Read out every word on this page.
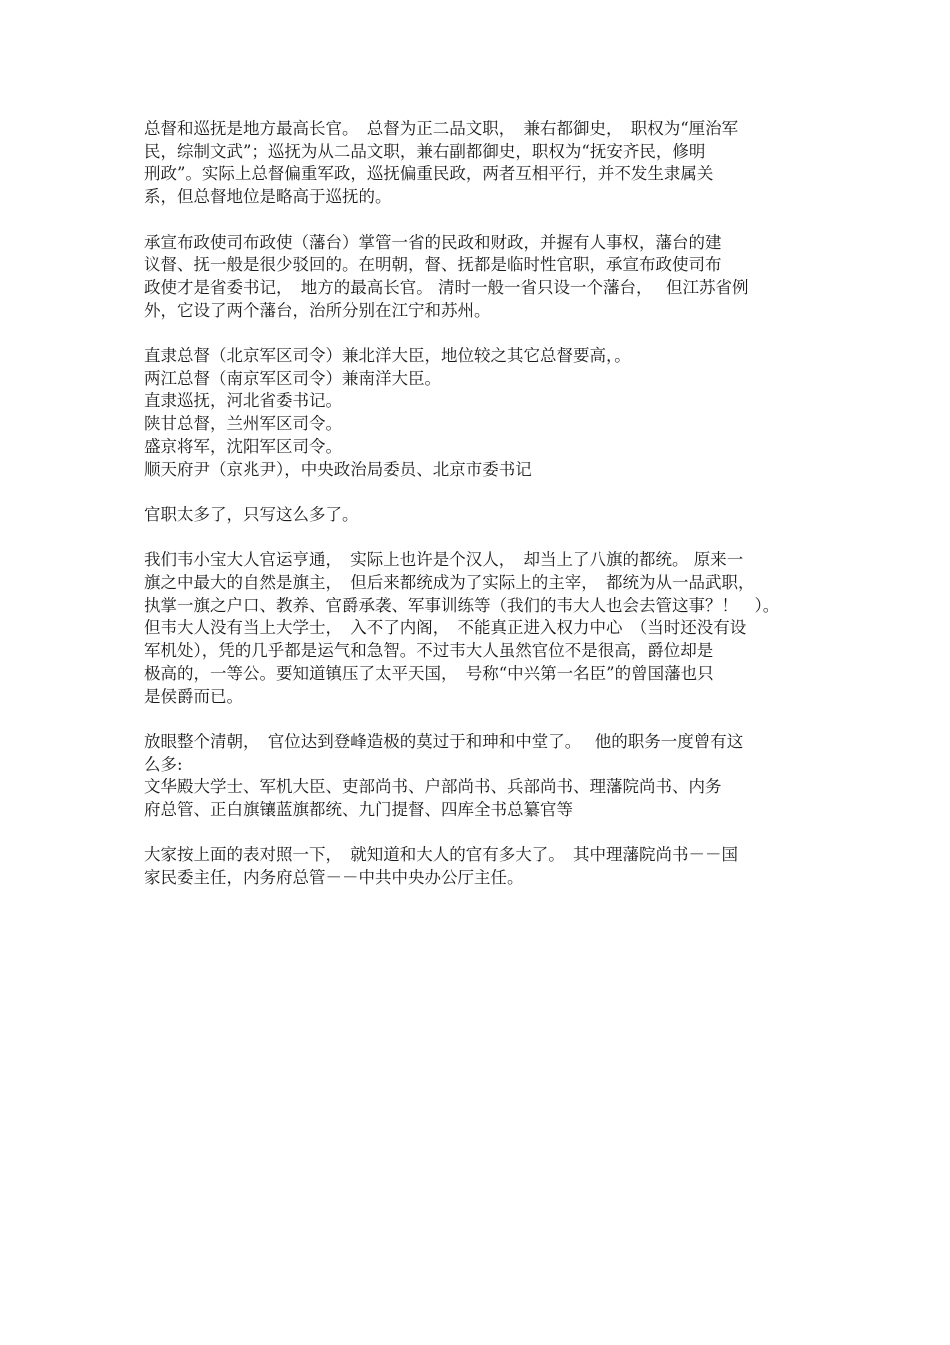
总督和巡抚是地方最高长官。　总督为正二品文职，　兼右都御史，　职权为“厘治军
民，综制文武”；巡抚为从二品文职，兼右副都御史，职权为“抚安齐民，修明
刑政”。实际上总督偏重军政，巡抚偏重民政，两者互相平行，并不发生隶属关
系，但总督地位是略高于巡抚的。

承宣布政使司布政使（藩台）掌管一省的民政和财政，并握有人事权，藩台的建
议督、抚一般是很少驳回的。在明朝，督、抚都是临时性官职，承宣布政使司布
政使才是省委书记，　地方的最高长官。 清时一般一省只设一个藩台，　 但江苏省例
外，它设了两个藩台，治所分别在江宁和苏州。

直隶总督（北京军区司令）兼北洋大臣，地位较之其它总督要高，。
两江总督（南京军区司令）兼南洋大臣。
直隶巡抚，河北省委书记。
陕甘总督，兰州军区司令。
盛京将军，沈阳军区司令。
顺天府尹（京兆尹），中央政治局委员、北京市委书记

官职太多了，只写这么多了。

我们韦小宝大人官运亨通，　实际上也许是个汉人，　却当上了八旗的都统。 原来一
旗之中最大的自然是旗主，　但后来都统成为了实际上的主宰，　都统为从一品武职，
执掌一旗之户口、教养、官爵承袭、军事训练等（我们的韦大人也会去管这事？！　）。
但韦大人没有当上大学士，　入不了内阁，　不能真正进入权力中心　（当时还没有设
军机处），凭的几乎都是运气和急智。不过韦大人虽然官位不是很高，爵位却是
极高的，一等公。要知道镇压了太平天国，　号称“中兴第一名臣”的曾国藩也只
是侯爵而已。

放眼整个清朝，　官位达到登峰造极的莫过于和珅和中堂了。　 他的职务一度曾有这
么多:
文华殿大学士、军机大臣、吏部尚书、户部尚书、兵部尚书、理藩院尚书、内务
府总管、正白旗镶蓝旗都统、九门提督、四库全书总纂官等

大家按上面的表对照一下，　就知道和大人的官有多大了。　其中理藩院尚书－－国
家民委主任，内务府总管－－中共中央办公厅主任。
